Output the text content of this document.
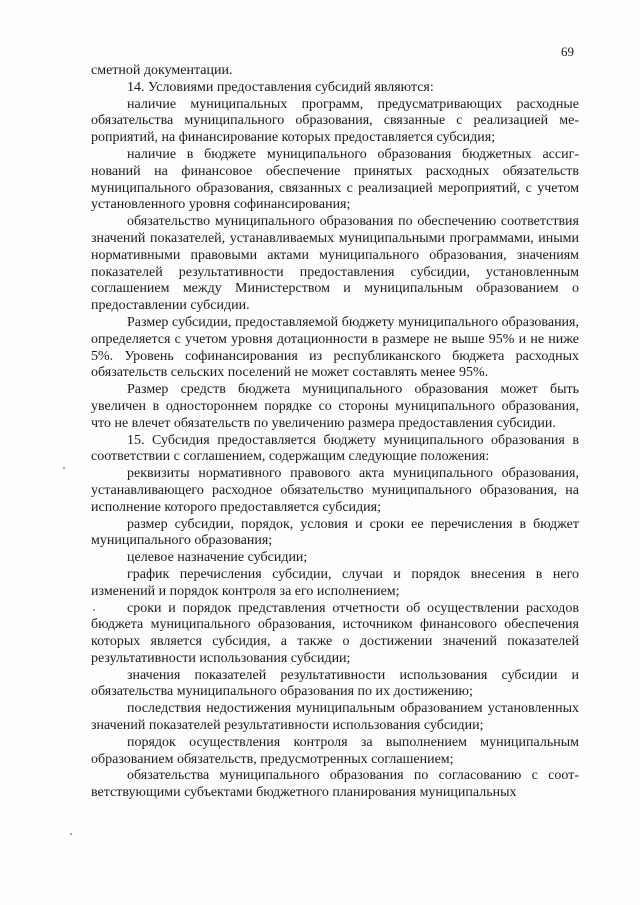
69

сметной документации.

14. Условиями предоставления субсидий являются:

наличие муниципальных программ, предусматривающих расходные обязательства муниципального образования, связанные с реализацией мероприятий, на финансирование которых предоставляется субсидия;

наличие в бюджете муниципального образования бюджетных ассигнований на финансовое обеспечение принятых расходных обязательств муниципального образования, связанных с реализацией мероприятий, с учетом установленного уровня софинансирования;

обязательство муниципального образования по обеспечению соответствия значений показателей, устанавливаемых муниципальными программами, иными нормативными правовыми актами муниципального образования, значениям показателей результативности предоставления субсидии, установленным соглашением между Министерством и муниципальным образованием о предоставлении субсидии.

Размер субсидии, предоставляемой бюджету муниципального образования, определяется с учетом уровня дотационности в размере не выше 95% и не ниже 5%. Уровень софинансирования из республиканского бюджета расходных обязательств сельских поселений не может составлять менее 95%.

Размер средств бюджета муниципального образования может быть увеличен в одностороннем порядке со стороны муниципального образования, что не влечет обязательств по увеличению размера предоставления субсидии.

15. Субсидия предоставляется бюджету муниципального образования в соответствии с соглашением, содержащим следующие положения:

реквизиты нормативного правового акта муниципального образования, устанавливающего расходное обязательство муниципального образования, на исполнение которого предоставляется субсидия;

размер субсидии, порядок, условия и сроки ее перечисления в бюджет муниципального образования;

целевое назначение субсидии;

график перечисления субсидии, случаи и порядок внесения в него изменений и порядок контроля за его исполнением;

сроки и порядок представления отчетности об осуществлении расходов бюджета муниципального образования, источником финансового обеспечения которых является субсидия, а также о достижении значений показателей результативности использования субсидии;

значения показателей результативности использования субсидии и обязательства муниципального образования по их достижению;

последствия недостижения муниципальным образованием установленных значений показателей результативности использования субсидии;

порядок осуществления контроля за выполнением муниципальным образованием обязательств, предусмотренных соглашением;

обязательства муниципального образования по согласованию с соответствующими субъектами бюджетного планирования муниципальных
